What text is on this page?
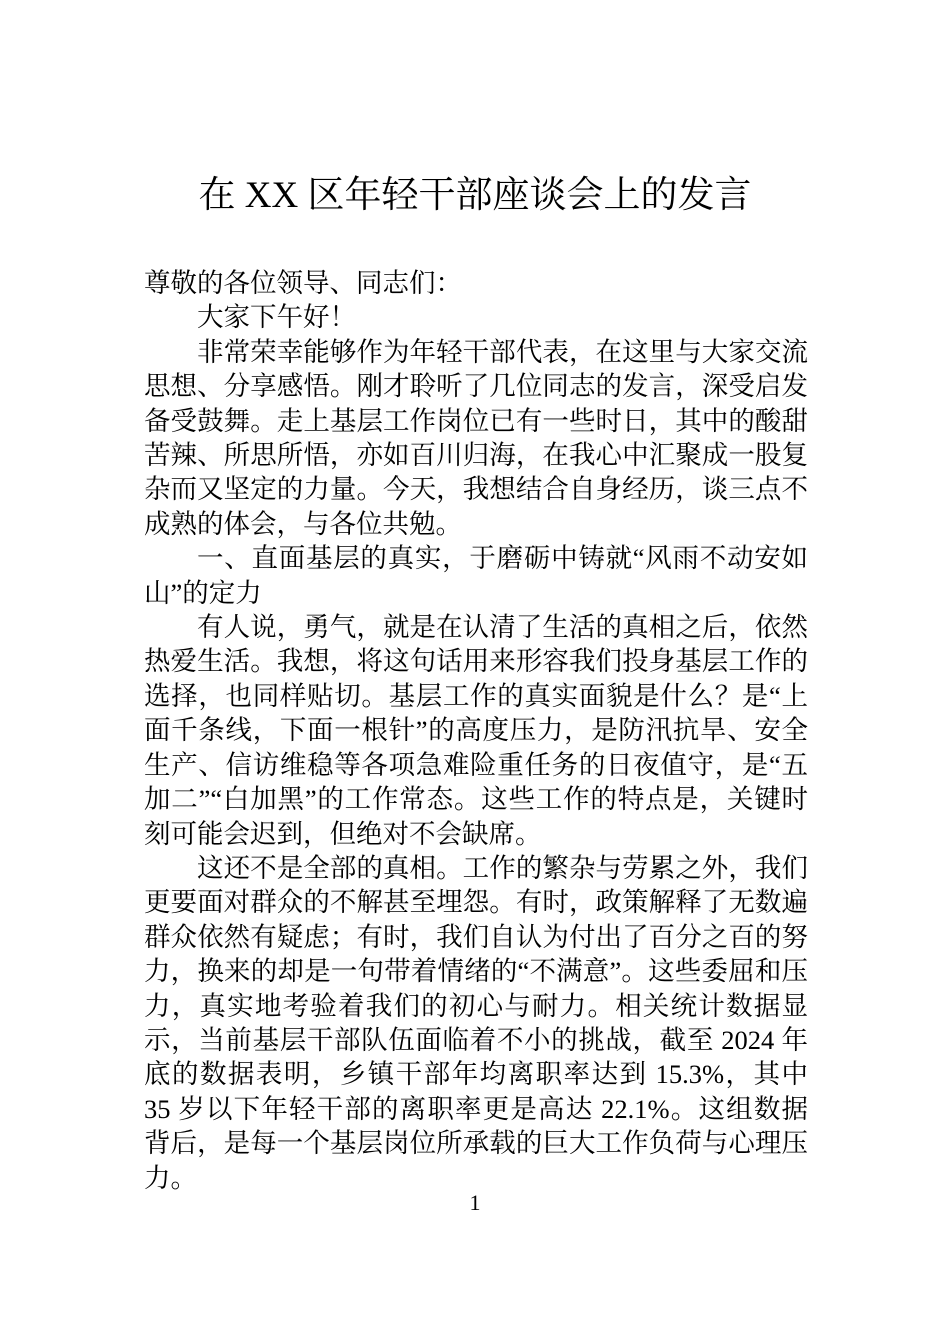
在 XX 区年轻干部座谈会上的发言

尊敬的各位领导、同志们：

大家下午好！

非常荣幸能够作为年轻干部代表，在这里与大家交流思想、分享感悟。刚才聆听了几位同志的发言，深受启发备受鼓舞。走上基层工作岗位已有一些时日，其中的酸甜苦辣、所思所悟，亦如百川归海，在我心中汇聚成一股复杂而又坚定的力量。今天，我想结合自身经历，谈三点不成熟的体会，与各位共勉。

一、直面基层的真实，于磨砺中铸就“风雨不动安如山”的定力

有人说，勇气，就是在认清了生活的真相之后，依然热爱生活。我想，将这句话用来形容我们投身基层工作的选择，也同样贴切。基层工作的真实面貌是什么？是“上面千条线，下面一根针”的高度压力，是防汛抗旱、安全生产、信访维稳等各项急难险重任务的日夜值守，是“五加二”“白加黑”的工作常态。这些工作的特点是，关键时刻可能会迟到，但绝对不会缺席。

这还不是全部的真相。工作的繁杂与劳累之外，我们更要面对群众的不解甚至埋怨。有时，政策解释了无数遍群众依然有疑虑；有时，我们自认为付出了百分之百的努力，换来的却是一句带着情绪的“不满意”。这些委屈和压力，真实地考验着我们的初心与耐力。相关统计数据显示，当前基层干部队伍面临着不小的挑战，截至 2024 年底的数据表明，乡镇干部年均离职率达到 15.3%，其中 35 岁以下年轻干部的离职率更是高达 22.1%。这组数据背后，是每一个基层岗位所承载的巨大工作负荷与心理压力。

1
